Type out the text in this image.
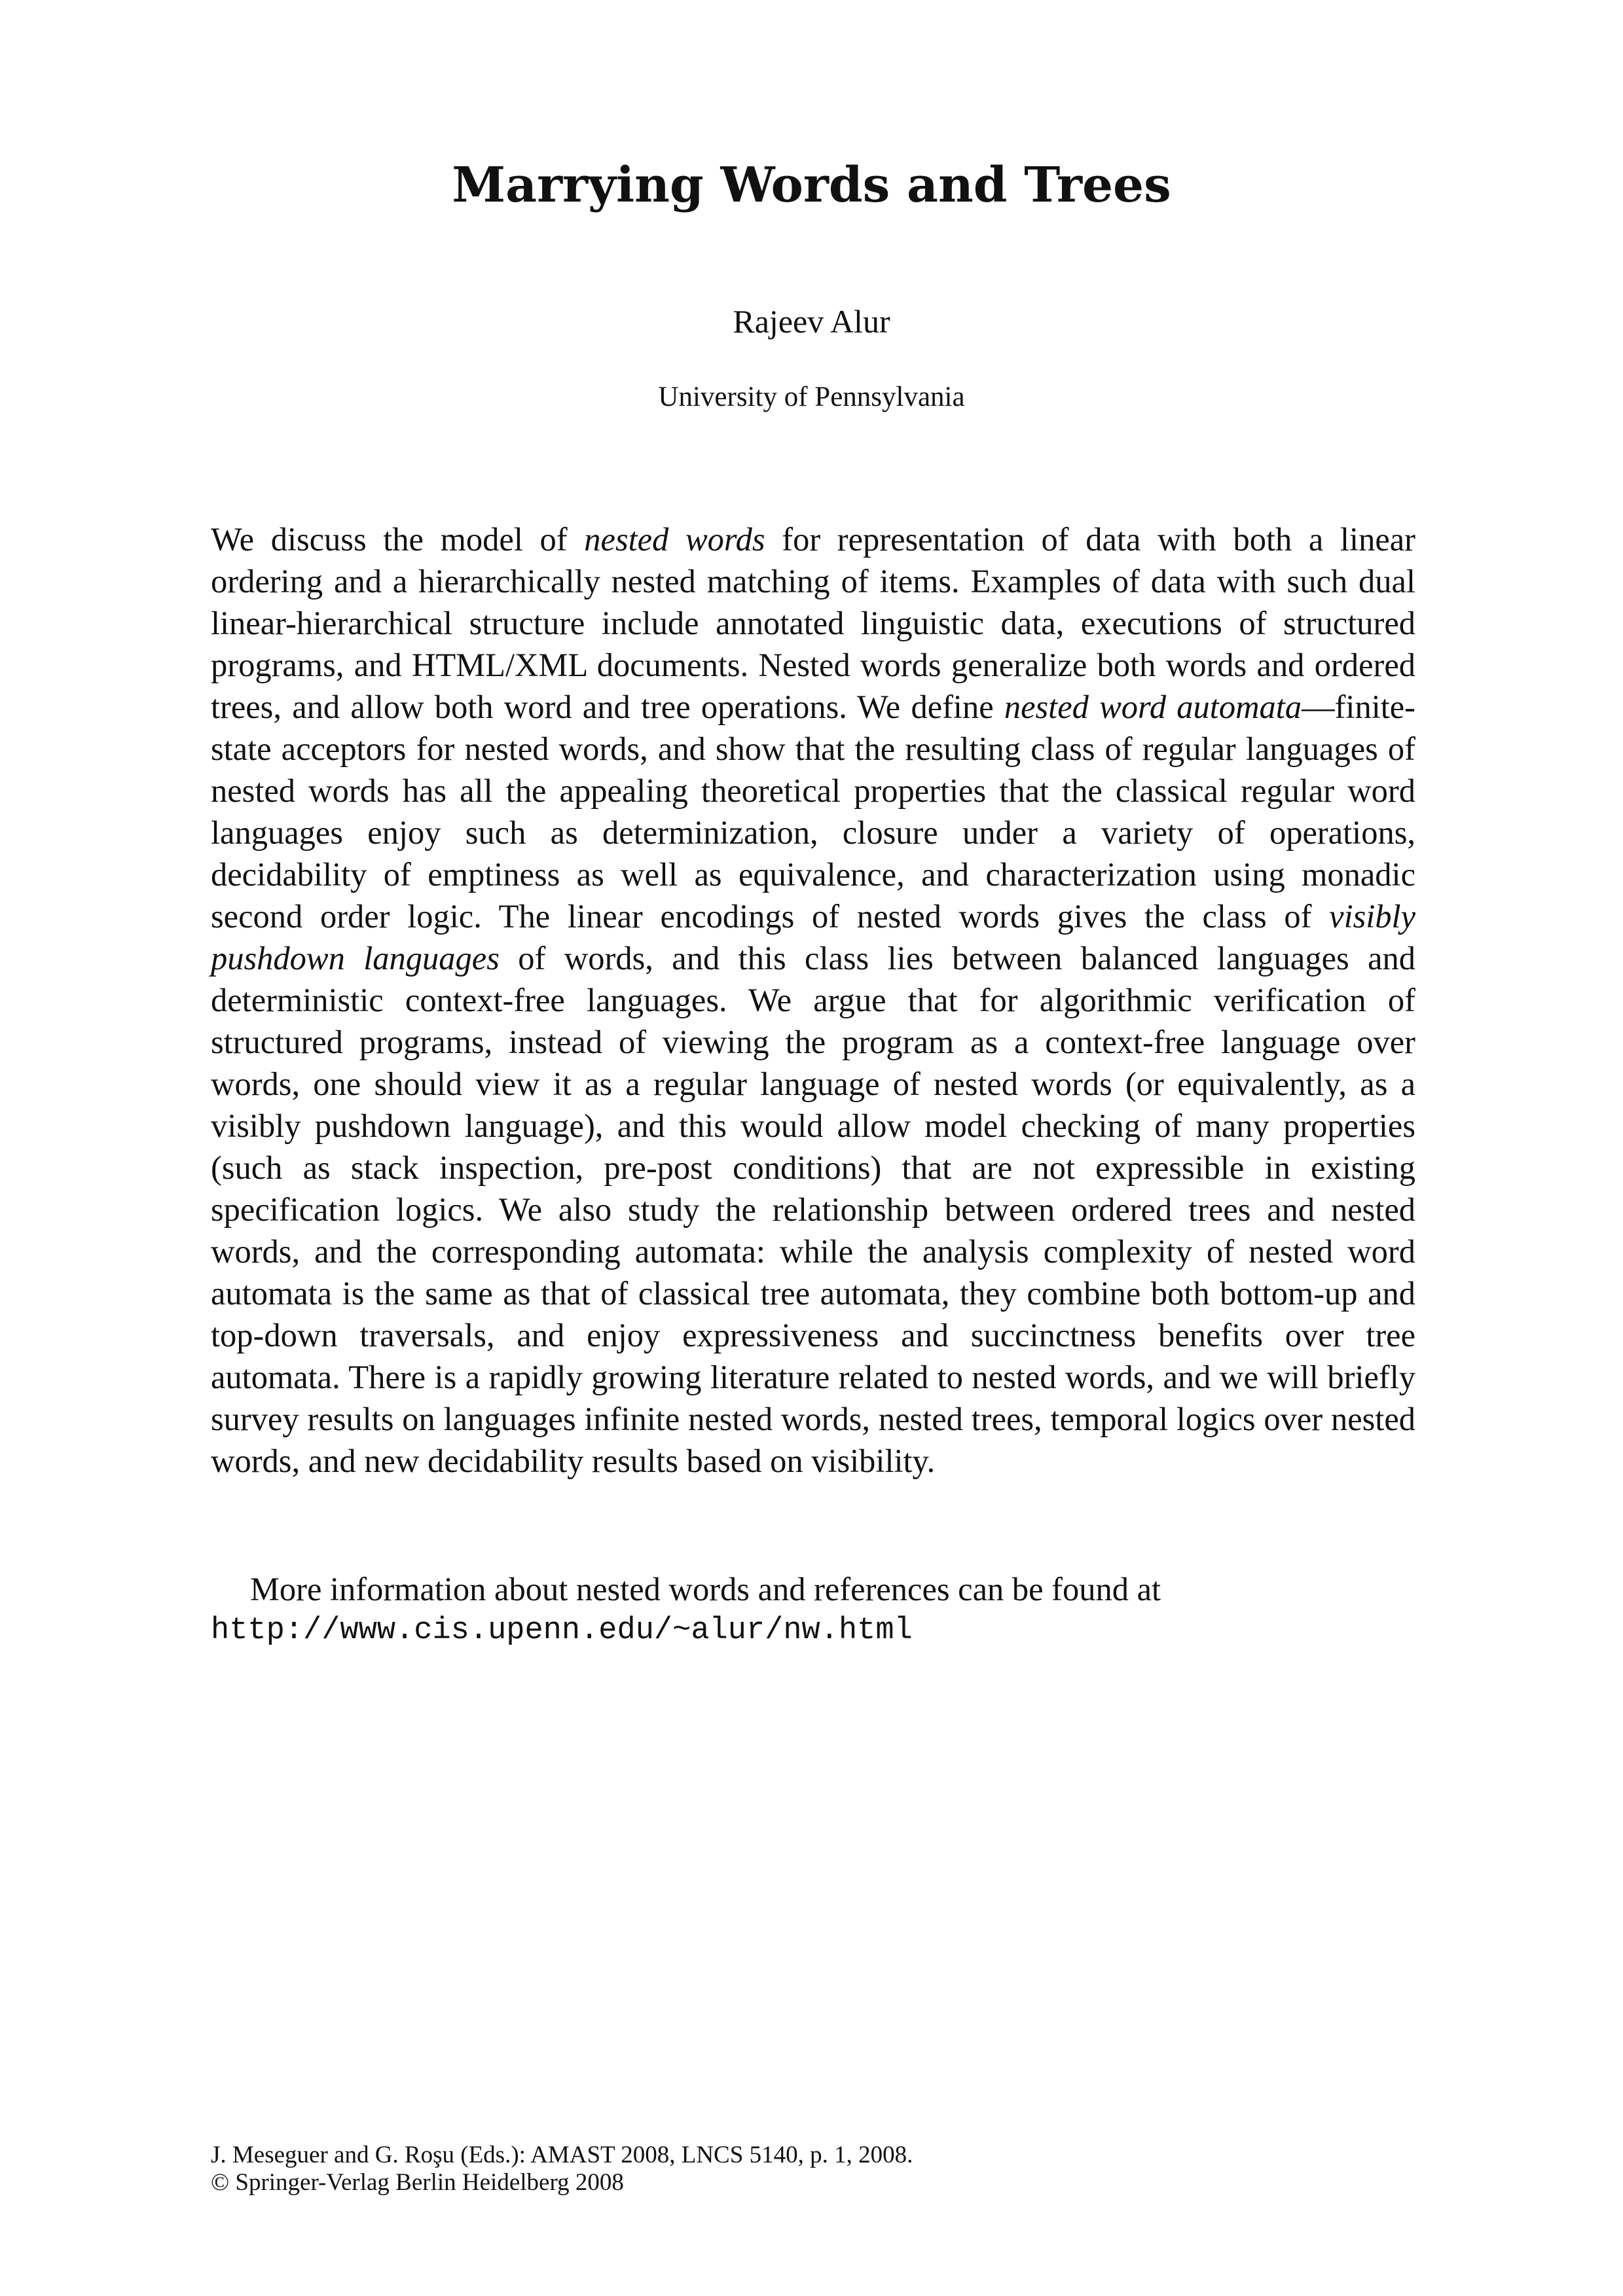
Marrying Words and Trees
Rajeev Alur
University of Pennsylvania

We discuss the model of nested words for representation of data with both a linear ordering and a hierarchically nested matching of items. Examples of data with such dual linear-hierarchical structure include annotated linguistic data, executions of structured programs, and HTML/XML documents. Nested words generalize both words and ordered trees, and allow both word and tree operations. We define nested word automata—finite-state acceptors for nested words, and show that the resulting class of regular languages of nested words has all the appealing theoretical properties that the classical regular word languages enjoy such as determinization, closure under a variety of operations, decidability of emptiness as well as equivalence, and characterization using monadic second order logic. The linear encodings of nested words gives the class of visibly pushdown languages of words, and this class lies between balanced languages and deterministic context-free languages. We argue that for algorithmic verification of structured programs, instead of viewing the program as a context-free language over words, one should view it as a regular language of nested words (or equivalently, as a visibly pushdown language), and this would allow model checking of many properties (such as stack inspection, pre-post conditions) that are not expressible in existing specification logics. We also study the relationship between ordered trees and nested words, and the corresponding automata: while the analysis complexity of nested word automata is the same as that of classical tree automata, they combine both bottom-up and top-down traversals, and enjoy expressiveness and succinctness benefits over tree automata. There is a rapidly growing literature related to nested words, and we will briefly survey results on languages infinite nested words, nested trees, temporal logics over nested words, and new decidability results based on visibility.

More information about nested words and references can be found at
http://www.cis.upenn.edu/~alur/nw.html

J. Meseguer and G. Roşu (Eds.): AMAST 2008, LNCS 5140, p. 1, 2008.
© Springer-Verlag Berlin Heidelberg 2008
